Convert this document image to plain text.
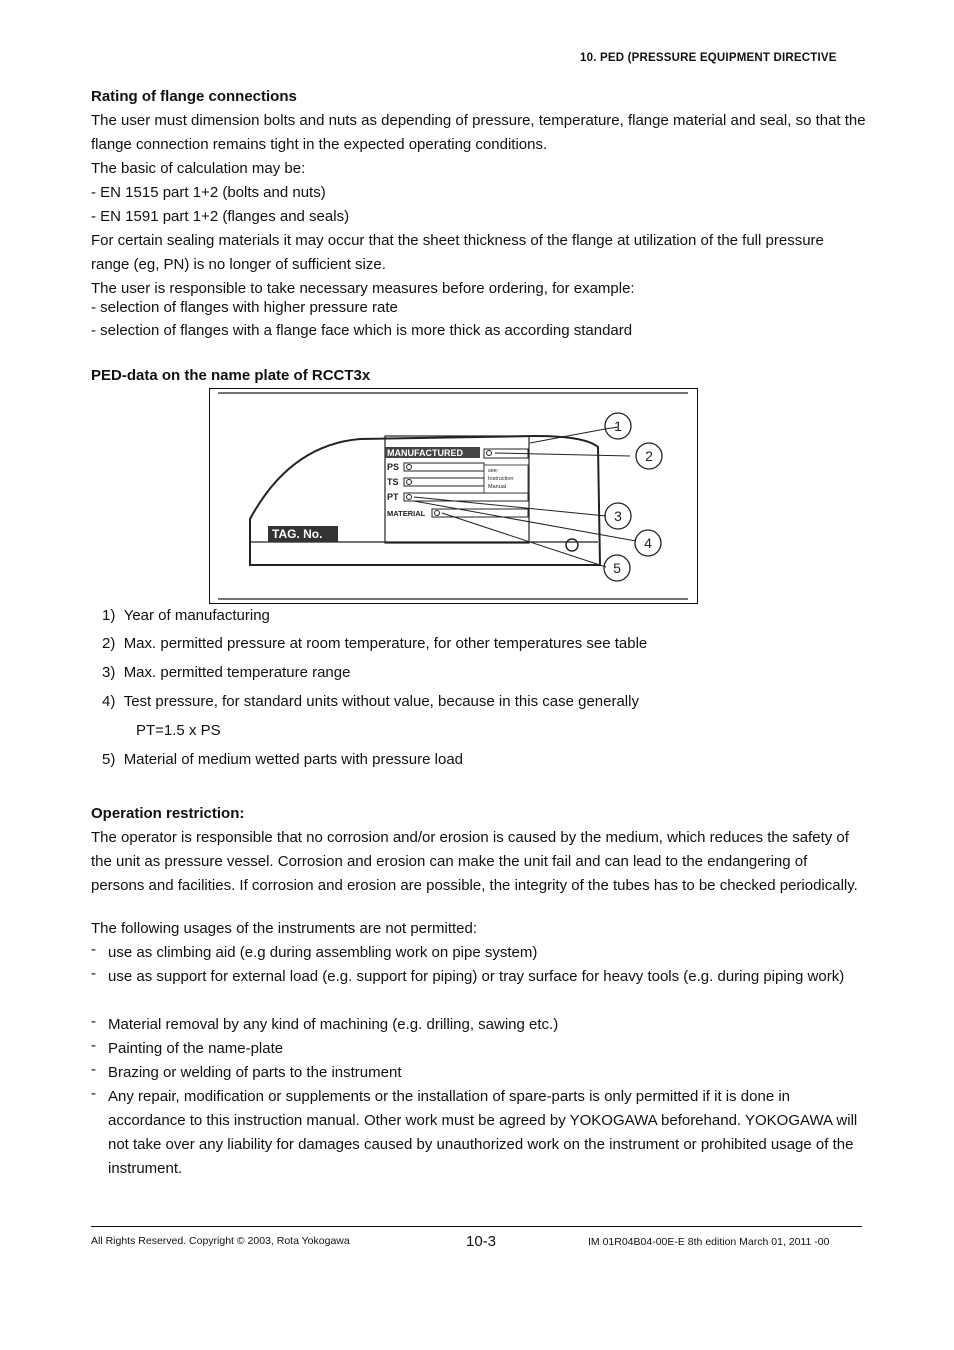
10. PED (PRESSURE EQUIPMENT DIRECTIVE
Rating of flange connections
The user must dimension bolts and nuts as depending of pressure, temperature, flange material and seal, so that the flange connection remains tight in the expected operating conditions.
The basic of calculation may be:
- EN 1515 part 1+2 (bolts and nuts)
- EN 1591 part 1+2 (flanges and seals)
For certain sealing materials it may occur that the sheet thickness of the flange at utilization of the full pressure range (eg, PN) is no longer of sufficient size.
The user is responsible to take necessary measures before ordering, for example:
- selection of flanges with higher pressure rate
- selection of flanges with a flange face which is more thick as according standard
PED-data on the name plate of RCCT3x
MANUFACTURED
PS
TS
PT
MATERIAL
see:
Instruction
Manual
TAG. No.
1
2
3
4
5
1) Year of manufacturing
2) Max. permitted pressure at room temperature, for other temperatures see table
3) Max. permitted temperature range
4) Test pressure, for standard units without value, because in this case generally
PT=1.5 x PS
5) Material of medium wetted parts with pressure load
Operation restriction:
The operator is responsible that no corrosion and/or erosion is caused by the medium, which reduces the safety of the unit as pressure vessel. Corrosion and erosion can make the unit fail and can lead to the endangering of persons and facilities. If corrosion and erosion are possible, the integrity of the tubes has to be checked periodically.
The following usages of the instruments are not permitted:
- use as climbing aid (e.g during assembling work on pipe system)
- use as support for external load (e.g. support for piping) or tray surface for heavy tools (e.g. during piping work)
- Material removal by any kind of machining (e.g. drilling, sawing etc.)
- Painting of the name-plate
- Brazing or welding of parts to the instrument
- Any repair, modification or supplements or the installation of spare-parts is only permitted if it is done in accordance to this instruction manual. Other work must be agreed by YOKOGAWA beforehand. YOKOGAWA will not take over any liability for damages caused by unauthorized work on the instrument or prohibited usage of the instrument.
All Rights Reserved. Copyright © 2003, Rota Yokogawa	10-3	IM 01R04B04-00E-E 8th edition March 01, 2011 -00
